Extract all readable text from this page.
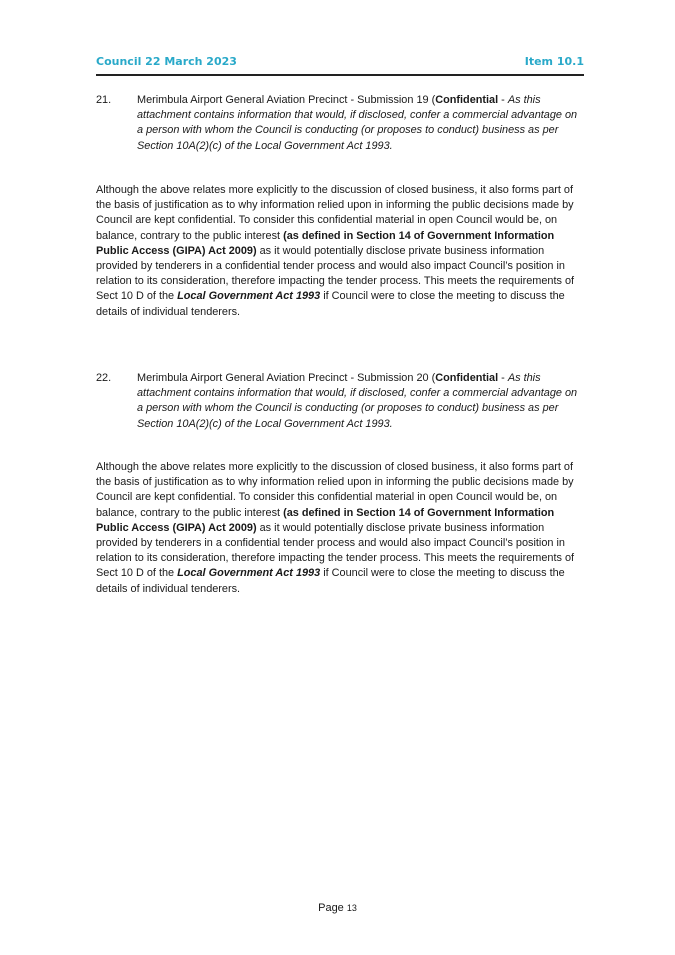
Council 22 March 2023	Item 10.1
21.	Merimbula Airport General Aviation Precinct - Submission 19 (Confidential - As this attachment contains information that would, if disclosed, confer a commercial advantage on a person with whom the Council is conducting (or proposes to conduct) business as per Section 10A(2)(c) of the Local Government Act 1993.
Although the above relates more explicitly to the discussion of closed business, it also forms part of the basis of justification as to why information relied upon in informing the public decisions made by Council are kept confidential. To consider this confidential material in open Council would be, on balance, contrary to the public interest (as defined in Section 14 of Government Information Public Access (GIPA) Act 2009) as it would potentially disclose private business information provided by tenderers in a confidential tender process and would also impact Council’s position in relation to its consideration, therefore impacting the tender process. This meets the requirements of Sect 10 D of the Local Government Act 1993 if Council were to close the meeting to discuss the details of individual tenderers.
22.	Merimbula Airport General Aviation Precinct - Submission 20 (Confidential - As this attachment contains information that would, if disclosed, confer a commercial advantage on a person with whom the Council is conducting (or proposes to conduct) business as per Section 10A(2)(c) of the Local Government Act 1993.
Although the above relates more explicitly to the discussion of closed business, it also forms part of the basis of justification as to why information relied upon in informing the public decisions made by Council are kept confidential. To consider this confidential material in open Council would be, on balance, contrary to the public interest (as defined in Section 14 of Government Information Public Access (GIPA) Act 2009) as it would potentially disclose private business information provided by tenderers in a confidential tender process and would also impact Council’s position in relation to its consideration, therefore impacting the tender process. This meets the requirements of Sect 10 D of the Local Government Act 1993 if Council were to close the meeting to discuss the details of individual tenderers.
Page 13
